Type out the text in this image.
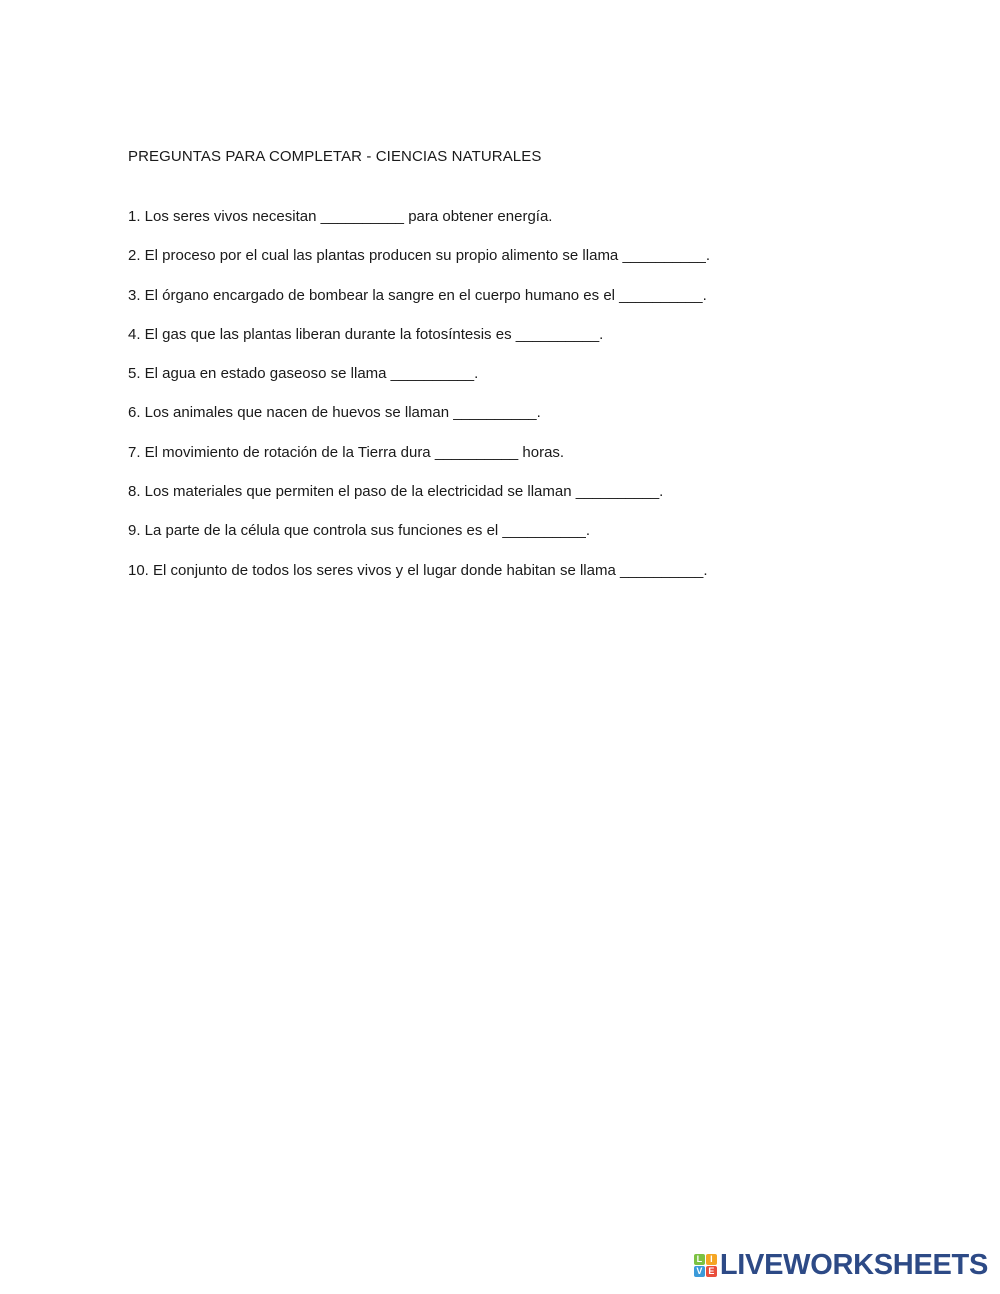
PREGUNTAS PARA COMPLETAR - CIENCIAS NATURALES
1. Los seres vivos necesitan __________ para obtener energía.
2. El proceso por el cual las plantas producen su propio alimento se llama __________.
3. El órgano encargado de bombear la sangre en el cuerpo humano es el __________.
4. El gas que las plantas liberan durante la fotosíntesis es __________.
5. El agua en estado gaseoso se llama __________.
6. Los animales que nacen de huevos se llaman __________.
7. El movimiento de rotación de la Tierra dura __________ horas.
8. Los materiales que permiten el paso de la electricidad se llaman __________.
9. La parte de la célula que controla sus funciones es el __________.
10. El conjunto de todos los seres vivos y el lugar donde habitan se llama __________.
L I
V E LIVEWORKSHEETS
